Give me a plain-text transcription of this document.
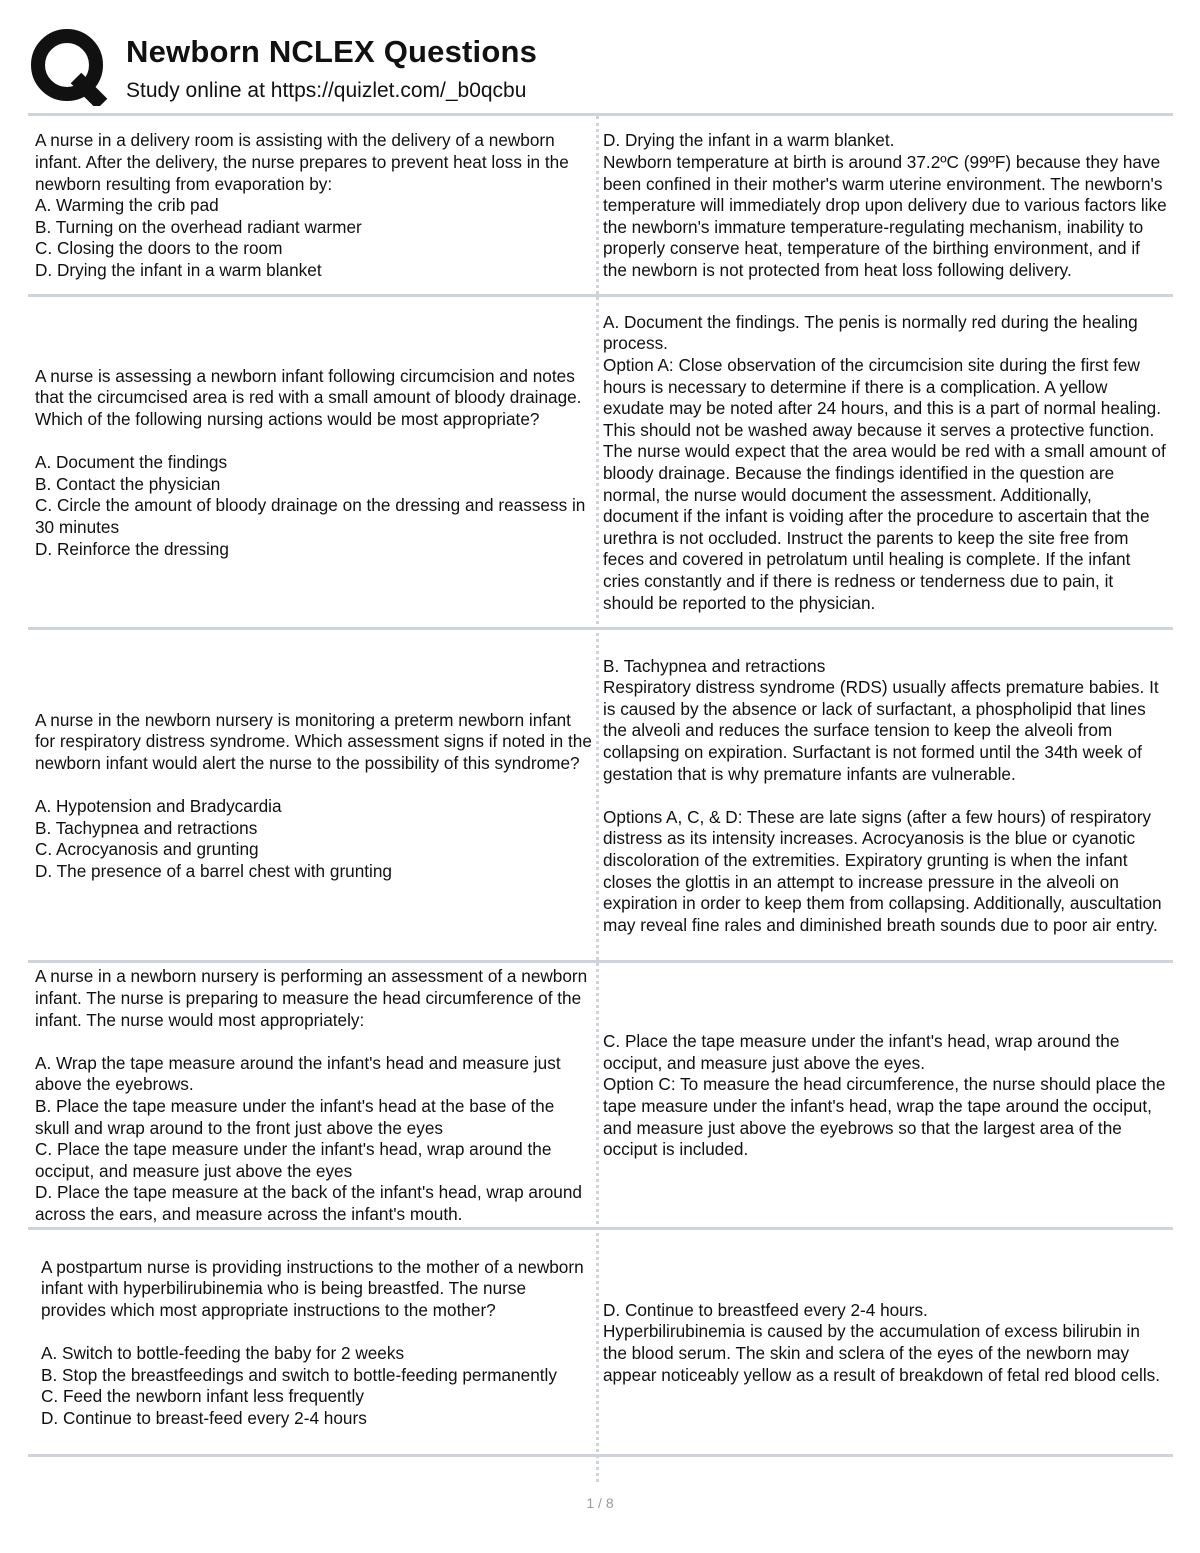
Newborn NCLEX Questions
Study online at https://quizlet.com/_b0qcbu
A nurse in a delivery room is assisting with the delivery of a newborn infant. After the delivery, the nurse prepares to prevent heat loss in the newborn resulting from evaporation by:
A. Warming the crib pad
B. Turning on the overhead radiant warmer
C. Closing the doors to the room
D. Drying the infant in a warm blanket
D. Drying the infant in a warm blanket.
Newborn temperature at birth is around 37.2ºC (99ºF) because they have been confined in their mother's warm uterine environment. The newborn's temperature will immediately drop upon delivery due to various factors like the newborn's immature temperature-regulating mechanism, inability to properly conserve heat, temperature of the birthing environment, and if the newborn is not protected from heat loss following delivery.
A nurse is assessing a newborn infant following circumcision and notes that the circumcised area is red with a small amount of bloody drainage. Which of the following nursing actions would be most appropriate?

A. Document the findings
B. Contact the physician
C. Circle the amount of bloody drainage on the dressing and reassess in 30 minutes
D. Reinforce the dressing
A. Document the findings. The penis is normally red during the healing process.
Option A: Close observation of the circumcision site during the first few hours is necessary to determine if there is a complication. A yellow exudate may be noted after 24 hours, and this is a part of normal healing. This should not be washed away because it serves a protective function. The nurse would expect that the area would be red with a small amount of bloody drainage. Because the findings identified in the question are normal, the nurse would document the assessment. Additionally, document if the infant is voiding after the procedure to ascertain that the urethra is not occluded. Instruct the parents to keep the site free from feces and covered in petrolatum until healing is complete. If the infant cries constantly and if there is redness or tenderness due to pain, it should be reported to the physician.
A nurse in the newborn nursery is monitoring a preterm newborn infant for respiratory distress syndrome. Which assessment signs if noted in the newborn infant would alert the nurse to the possibility of this syndrome?

A. Hypotension and Bradycardia
B. Tachypnea and retractions
C. Acrocyanosis and grunting
D. The presence of a barrel chest with grunting
B. Tachypnea and retractions
Respiratory distress syndrome (RDS) usually affects premature babies. It is caused by the absence or lack of surfactant, a phospholipid that lines the alveoli and reduces the surface tension to keep the alveoli from collapsing on expiration. Surfactant is not formed until the 34th week of gestation that is why premature infants are vulnerable.

Options A, C, & D: These are late signs (after a few hours) of respiratory distress as its intensity increases. Acrocyanosis is the blue or cyanotic discoloration of the extremities. Expiratory grunting is when the infant closes the glottis in an attempt to increase pressure in the alveoli on expiration in order to keep them from collapsing. Additionally, auscultation may reveal fine rales and diminished breath sounds due to poor air entry.
A nurse in a newborn nursery is performing an assessment of a newborn infant. The nurse is preparing to measure the head circumference of the infant. The nurse would most appropriately:

A. Wrap the tape measure around the infant's head and measure just above the eyebrows.
B. Place the tape measure under the infant's head at the base of the skull and wrap around to the front just above the eyes
C. Place the tape measure under the infant's head, wrap around the occiput, and measure just above the eyes
D. Place the tape measure at the back of the infant's head, wrap around across the ears, and measure across the infant's mouth.
C. Place the tape measure under the infant's head, wrap around the occiput, and measure just above the eyes.
Option C: To measure the head circumference, the nurse should place the tape measure under the infant's head, wrap the tape around the occiput, and measure just above the eyebrows so that the largest area of the occiput is included.
A postpartum nurse is providing instructions to the mother of a newborn infant with hyperbilirubinemia who is being breastfed. The nurse provides which most appropriate instructions to the mother?

A. Switch to bottle-feeding the baby for 2 weeks
B. Stop the breastfeedings and switch to bottle-feeding permanently
C. Feed the newborn infant less frequently
D. Continue to breast-feed every 2-4 hours
D. Continue to breastfeed every 2-4 hours.
Hyperbilirubinemia is caused by the accumulation of excess bilirubin in the blood serum. The skin and sclera of the eyes of the newborn may appear noticeably yellow as a result of breakdown of fetal red blood cells.
1 / 8
